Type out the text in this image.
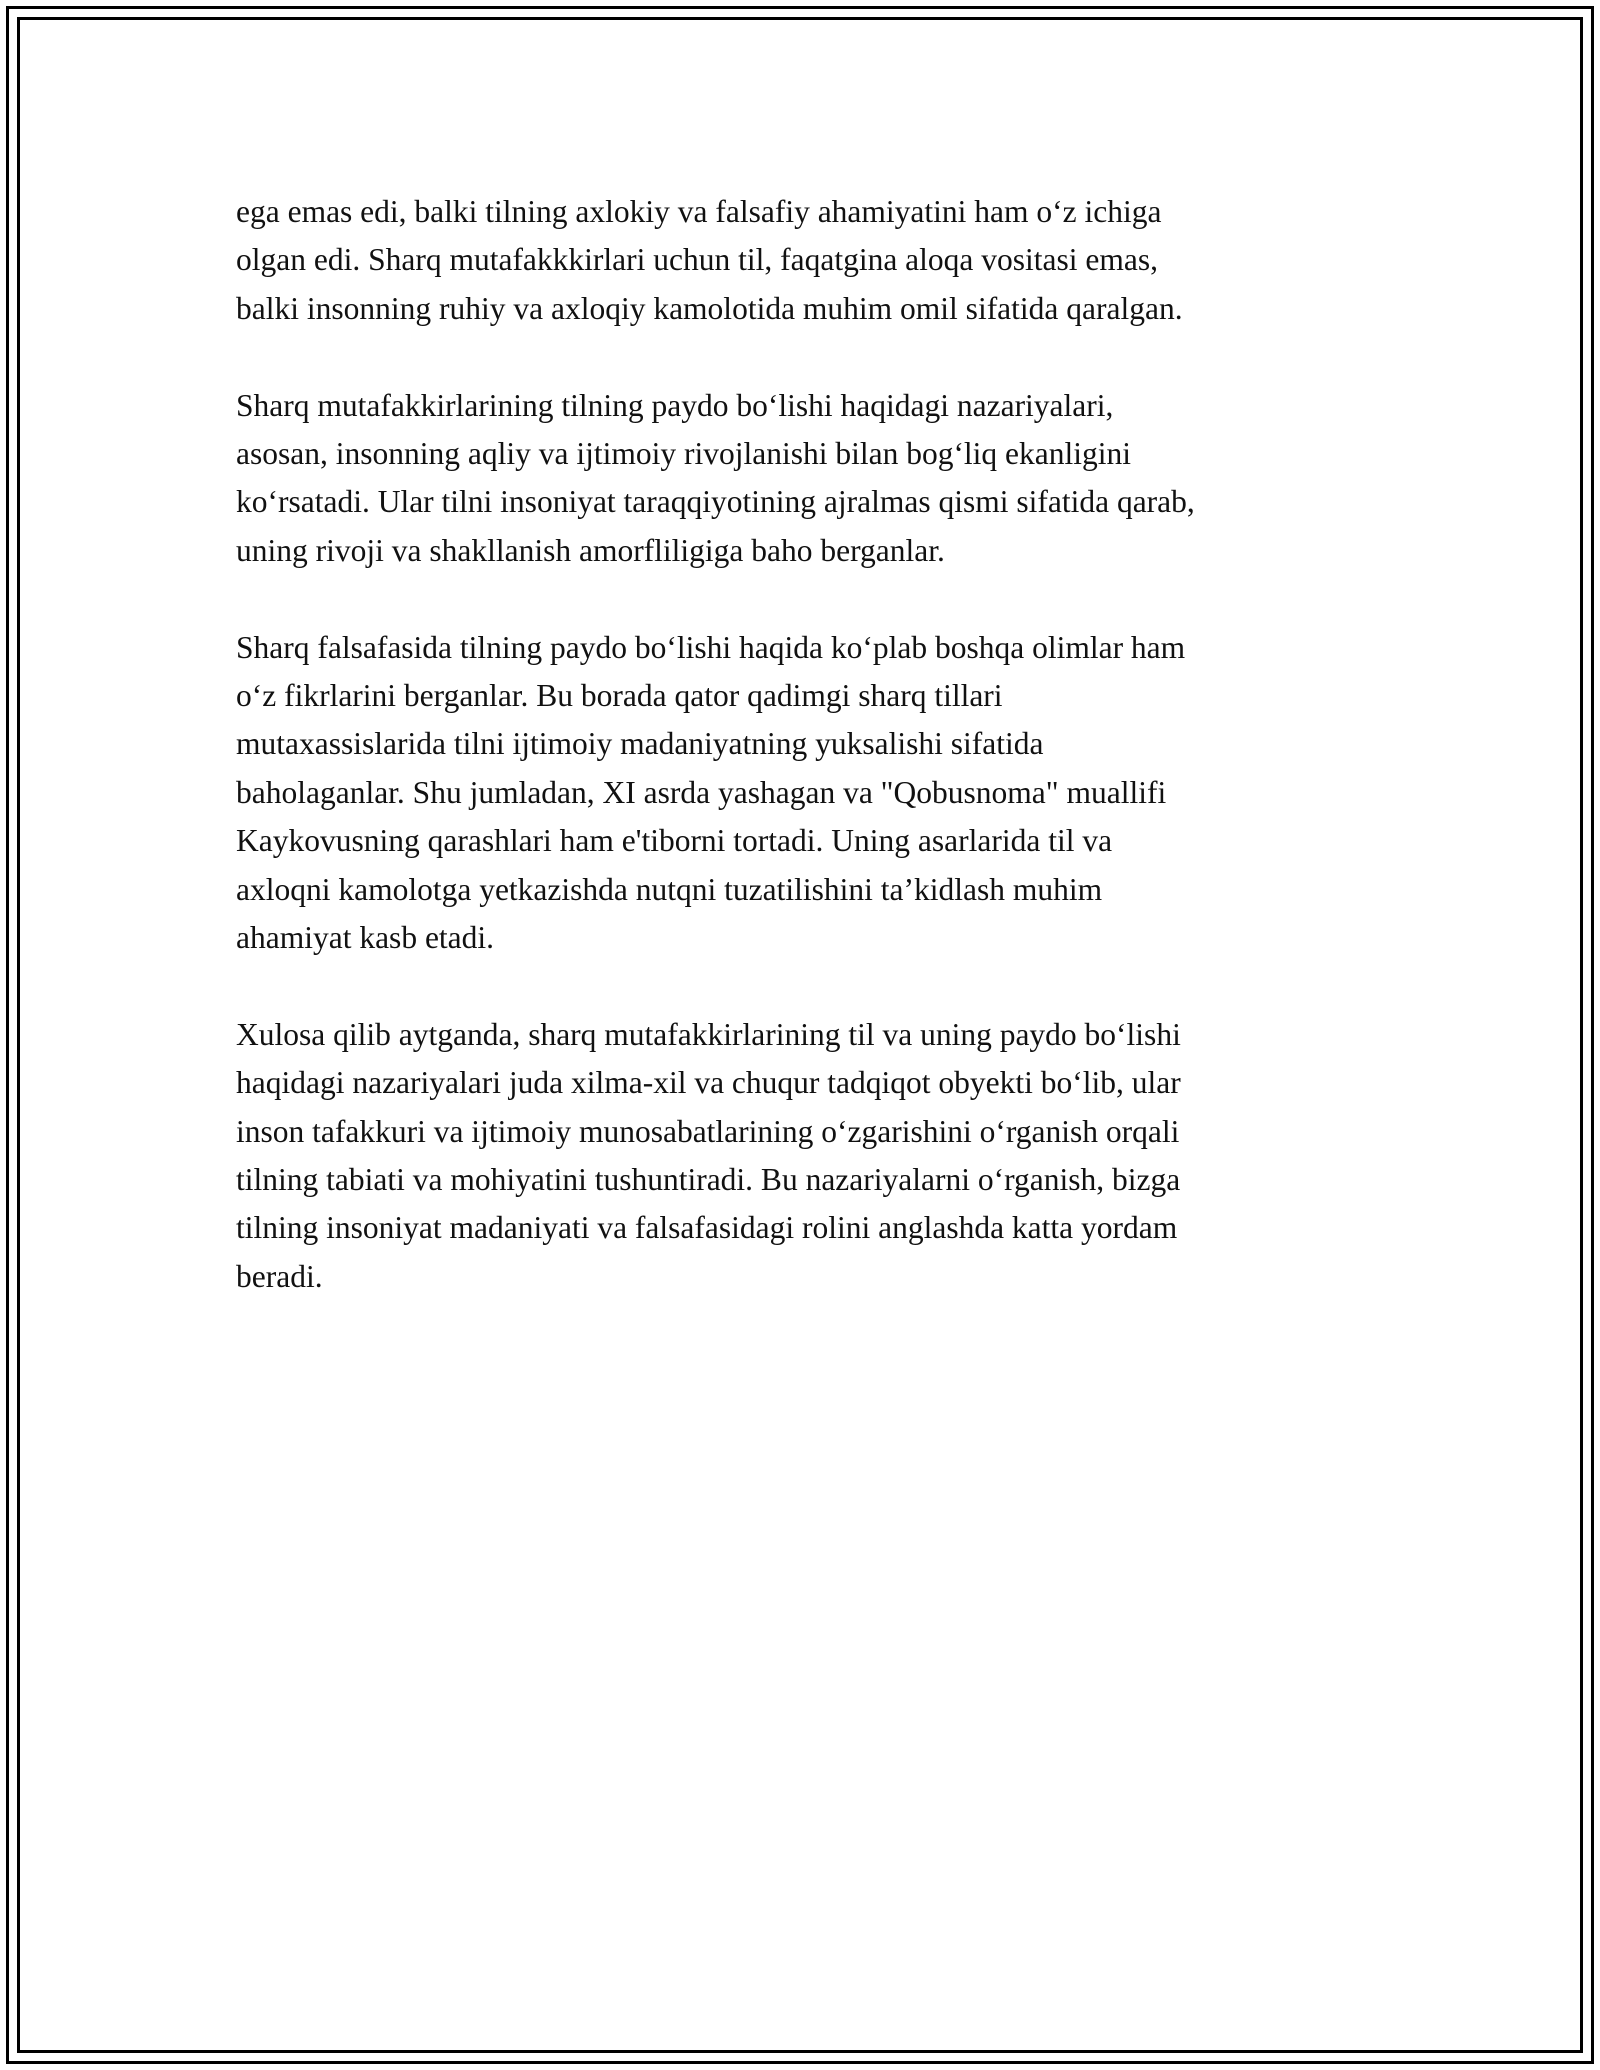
ega emas edi, balki tilning axlokiy va falsafiy ahamiyatini ham o‘z ichiga
olgan edi. Sharq mutafakkkirlari uchun til, faqatgina aloqa vositasi emas,
balki insonning ruhiy va axloqiy kamolotida muhim omil sifatida qaralgan.
Sharq mutafakkirlarining tilning paydo bo‘lishi haqidagi nazariyalari,
asosan, insonning aqliy va ijtimoiy rivojlanishi bilan bog‘liq ekanligini
ko‘rsatadi. Ular tilni insoniyat taraqqiyotining ajralmas qismi sifatida qarab,
uning rivoji va shakllanish amorfliligiga baho berganlar.
Sharq falsafasida tilning paydo bo‘lishi haqida ko‘plab boshqa olimlar ham
o‘z fikrlarini berganlar. Bu borada qator qadimgi sharq tillari
mutaxassislarida tilni ijtimoiy madaniyatning yuksalishi sifatida
baholaganlar. Shu jumladan, XI asrda yashagan va "Qobusnoma" muallifi
Kaykovusning qarashlari ham e'tiborni tortadi. Uning asarlarida til va
axloqni kamolotga yetkazishda nutqni tuzatilishini ta’kidlash muhim
ahamiyat kasb etadi.
Xulosa qilib aytganda, sharq mutafakkirlarining til va uning paydo bo‘lishi
haqidagi nazariyalari juda xilma-xil va chuqur tadqiqot obyekti bo‘lib, ular
inson tafakkuri va ijtimoiy munosabatlarining o‘zgarishini o‘rganish orqali
tilning tabiati va mohiyatini tushuntiradi. Bu nazariyalarni o‘rganish, bizga
tilning insoniyat madaniyati va falsafasidagi rolini anglashda katta yordam
beradi.
